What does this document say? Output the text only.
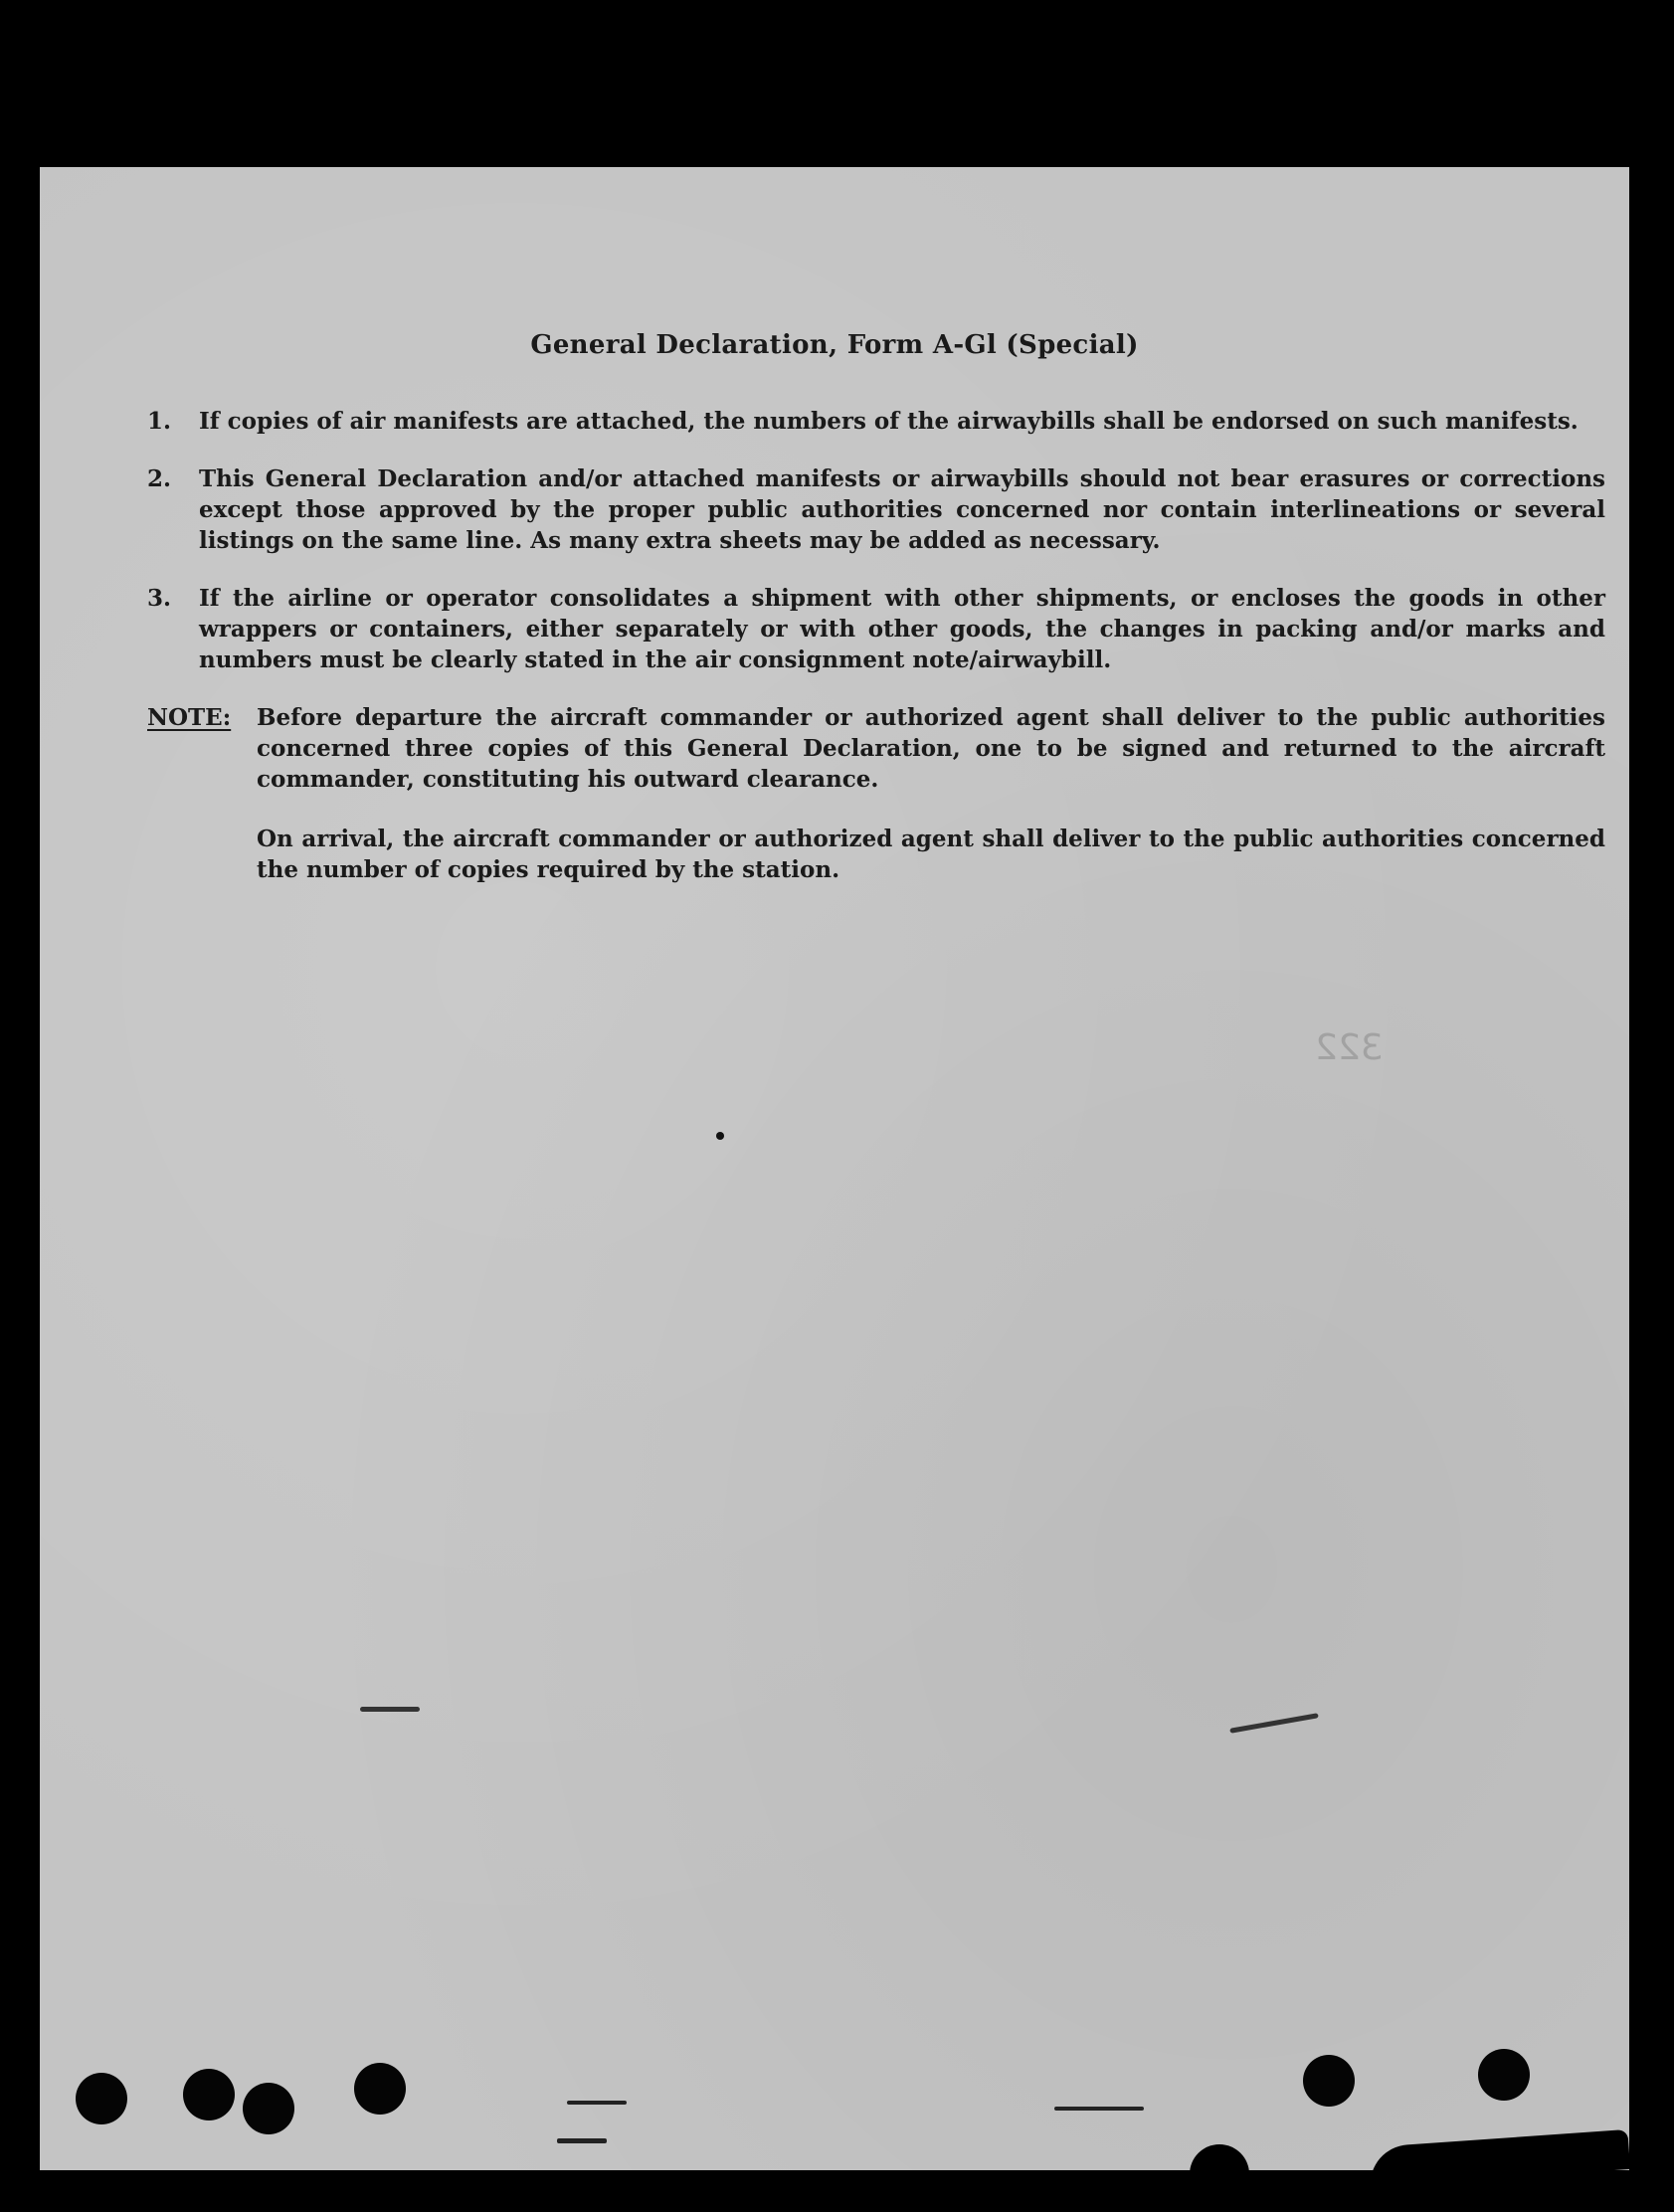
General Declaration, Form A-Gl (Special)
1.	If copies of air manifests are attached, the numbers of the airwaybills shall be endorsed on such manifests.
2.	This General Declaration and/or attached manifests or airwaybills should not bear erasures or corrections except those approved by the proper public authorities concerned nor contain interlineations or several listings on the same line. As many extra sheets may be added as necessary.
3.	If the airline or operator consolidates a shipment with other shipments, or encloses the goods in other wrappers or containers, either separately or with other goods, the changes in packing and/or marks and numbers must be clearly stated in the air consignment note/airwaybill.
NOTE: Before departure the aircraft commander or authorized agent shall deliver to the public authorities concerned three copies of this General Declaration, one to be signed and returned to the aircraft commander, constituting his outward clearance.
On arrival, the aircraft commander or authorized agent shall deliver to the public authorities concerned the number of copies required by the station.
322
